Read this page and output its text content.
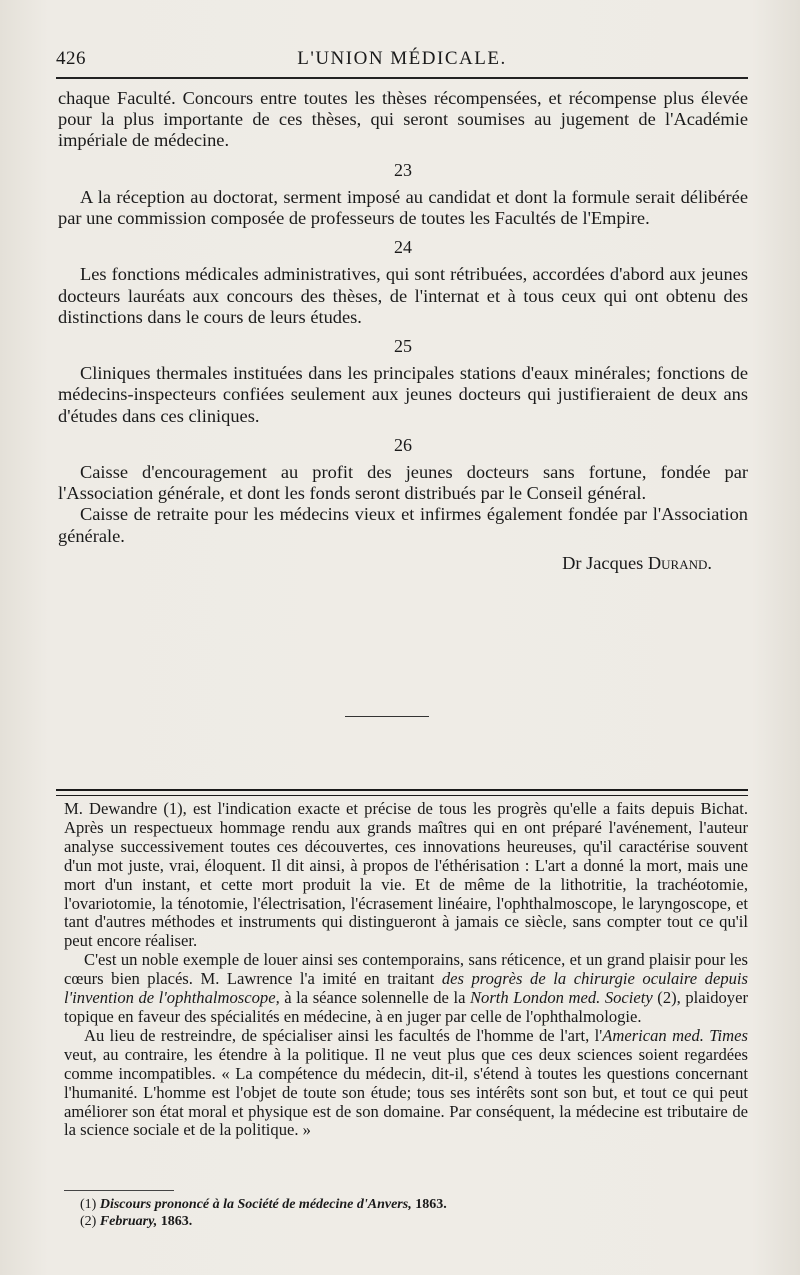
426	L'UNION MÉDICALE.

chaque Faculté. Concours entre toutes les thèses récompensées, et récompense plus élevée pour la plus importante de ces thèses, qui seront soumises au jugement de l'Académie impériale de médecine.

23

A la réception au doctorat, serment imposé au candidat et dont la formule serait délibérée par une commission composée de professeurs de toutes les Facultés de l'Empire.

24

Les fonctions médicales administratives, qui sont rétribuées, accordées d'abord aux jeunes docteurs lauréats aux concours des thèses, de l'internat et à tous ceux qui ont obtenu des distinctions dans le cours de leurs études.

25

Cliniques thermales instituées dans les principales stations d'eaux minérales; fonctions de médecins-inspecteurs confiées seulement aux jeunes docteurs qui justifieraient de deux ans d'études dans ces cliniques.

26

Caisse d'encouragement au profit des jeunes docteurs sans fortune, fondée par l'Association générale, et dont les fonds seront distribués par le Conseil général.

Caisse de retraite pour les médecins vieux et infirmes également fondée par l'Association générale.

Dr Jacques Durand.

M. Dewandre (1), est l'indication exacte et précise de tous les progrès qu'elle a faits depuis Bichat. Après un respectueux hommage rendu aux grands maîtres qui en ont préparé l'avénement, l'auteur analyse successivement toutes ces découvertes, ces innovations heureuses, qu'il caractérise souvent d'un mot juste, vrai, éloquent. Il dit ainsi, à propos de l'éthérisation : L'art a donné la mort, mais une mort d'un instant, et cette mort produit la vie. Et de même de la lithotritie, la trachéotomie, l'ovariotomie, la ténotomie, l'électrisation, l'écrasement linéaire, l'ophthalmoscope, le laryngoscope, et tant d'autres méthodes et instruments qui distingueront à jamais ce siècle, sans compter tout ce qu'il peut encore réaliser.

C'est un noble exemple de louer ainsi ses contemporains, sans réticence, et un grand plaisir pour les cœurs bien placés. M. Lawrence l'a imité en traitant des progrès de la chirurgie oculaire depuis l'invention de l'ophthalmoscope, à la séance solennelle de la North London med. Society (2), plaidoyer topique en faveur des spécialités en médecine, à en juger par celle de l'ophthalmologie.

Au lieu de restreindre, de spécialiser ainsi les facultés de l'homme de l'art, l'American med. Times veut, au contraire, les étendre à la politique. Il ne veut plus que ces deux sciences soient regardées comme incompatibles. « La compétence du médecin, dit-il, s'étend à toutes les questions concernant l'humanité. L'homme est l'objet de toute son étude; tous ses intérêts sont son but, et tout ce qui peut améliorer son état moral et physique est de son domaine. Par conséquent, la médecine est tributaire de la science sociale et de la politique. »

(1) Discours prononcé à la Société de médecine d'Anvers, 1863.
(2) February, 1863.
